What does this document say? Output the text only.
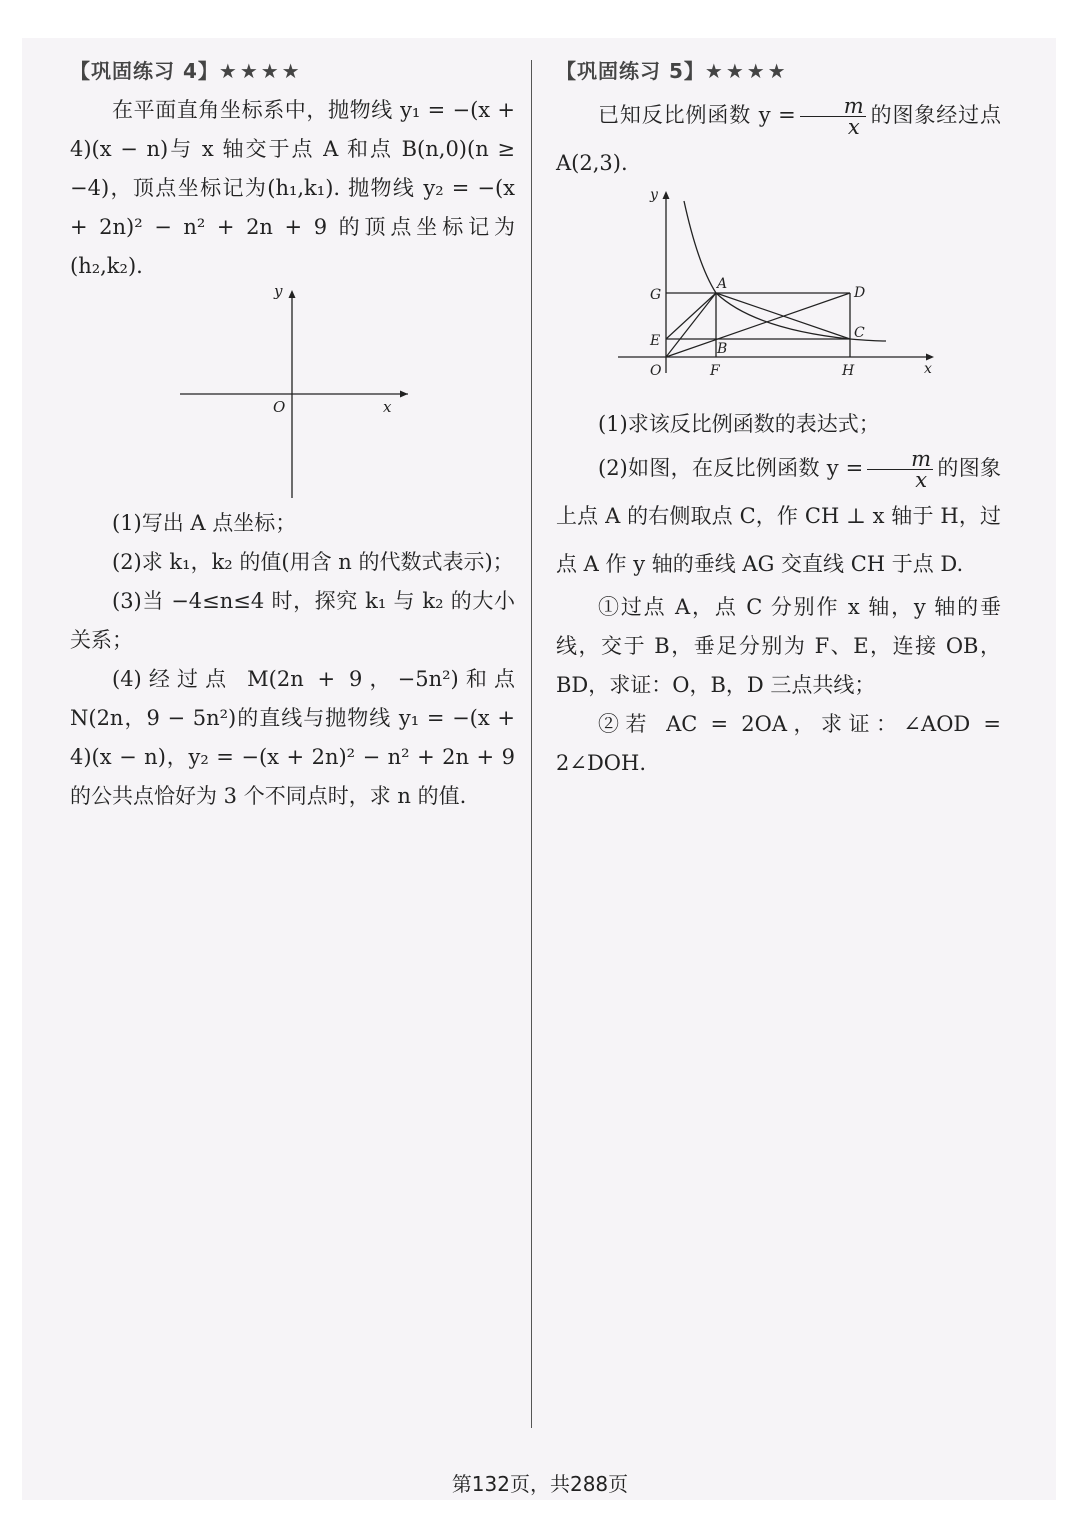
【巩固练习 4】★★★★

在平面直角坐标系中，抛物线 y₁ = −(x + 4)(x − n)与 x 轴交于点 A 和点 B(n,0)(n ≥ −4)，顶点坐标记为(h₁,k₁). 抛物线 y₂ = −(x + 2n)² − n² + 2n + 9 的顶点坐标记为(h₂,k₂).

y
x
O

(1)写出 A 点坐标；

(2)求 k₁，k₂ 的值(用含 n 的代数式表示)；

(3)当 −4≤n≤4 时，探究 k₁ 与 k₂ 的大小关系；

(4)经过点 M(2n + 9，−5n²)和点 N(2n，9 − 5n²)的直线与抛物线 y₁ = −(x + 4)(x − n)，y₂ = −(x + 2n)² − n² + 2n + 9 的公共点恰好为 3 个不同点时，求 n 的值.

【巩固练习 5】★★★★

已知反比例函数 $y = \frac{m}{x}$ 的图象经过点A(2,3).

y
x
O
A
B
C
D
E
F
G
H

(1)求该反比例函数的表达式；

(2)如图，在反比例函数 $y = \frac{m}{x}$ 的图象上点 A 的右侧取点 C，作 CH ⊥ x 轴于 H，过点 A 作 y 轴的垂线 AG 交直线 CH 于点 D.

①过点 A，点 C 分别作 x 轴，y 轴的垂线，交于 B，垂足分别为 F、E，连接 OB，BD，求证：O，B，D 三点共线；

②若 AC = 2OA，求证：∠AOD = 2∠DOH.

第132页，共288页
